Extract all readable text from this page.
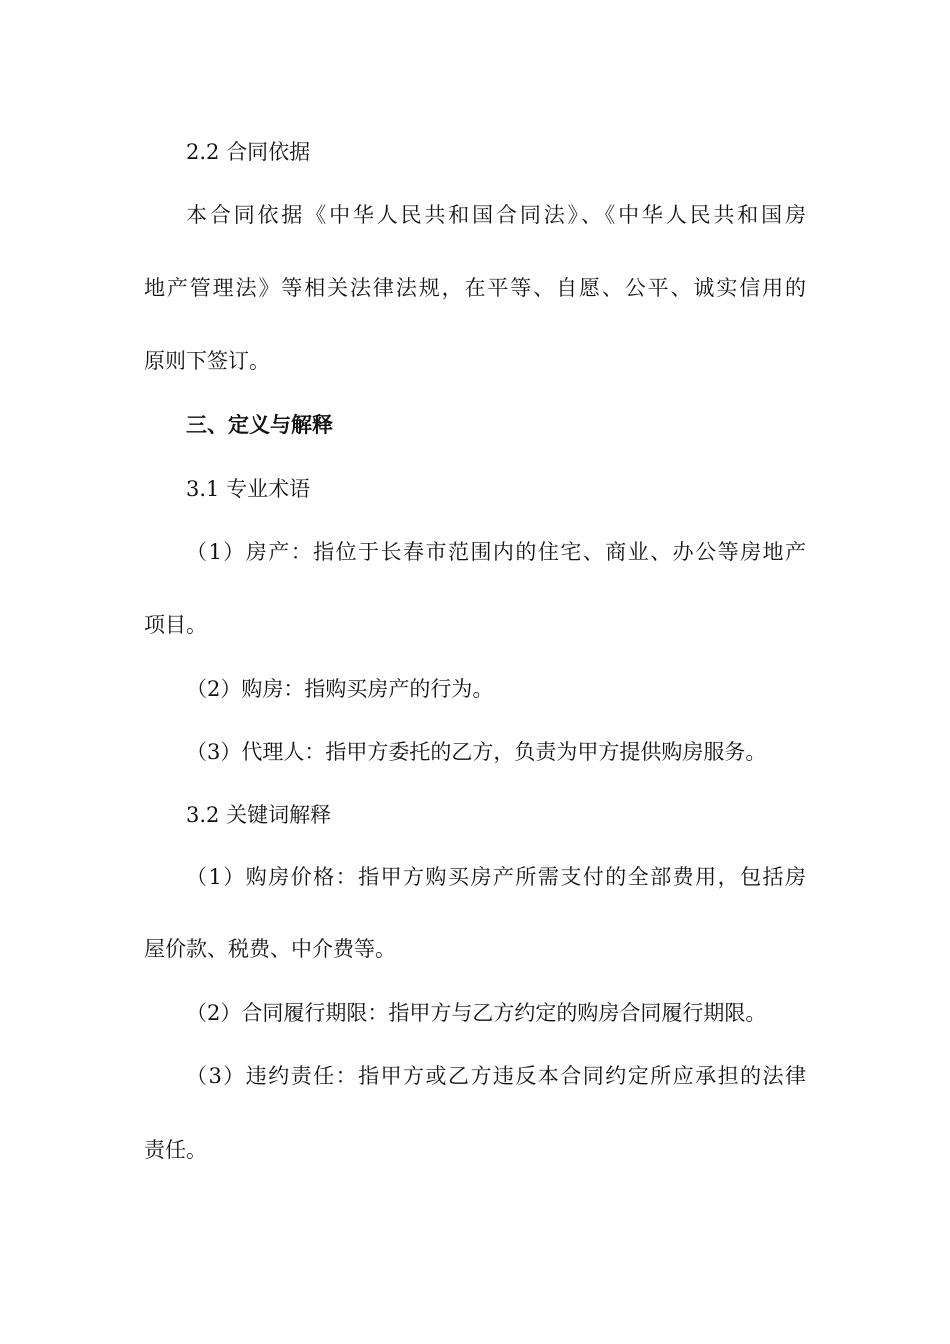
2.2 合同依据
本合同依据《中华人民共和国合同法》、《中华人民共和国房
地产管理法》等相关法律法规，在平等、自愿、公平、诚实信用的
原则下签订。
三、定义与解释
3.1 专业术语
（1）房产：指位于长春市范围内的住宅、商业、办公等房地产
项目。
（2）购房：指购买房产的行为。
（3）代理人：指甲方委托的乙方，负责为甲方提供购房服务。
3.2 关键词解释
（1）购房价格：指甲方购买房产所需支付的全部费用，包括房
屋价款、税费、中介费等。
（2）合同履行期限：指甲方与乙方约定的购房合同履行期限。
（3）违约责任：指甲方或乙方违反本合同约定所应承担的法律
责任。
